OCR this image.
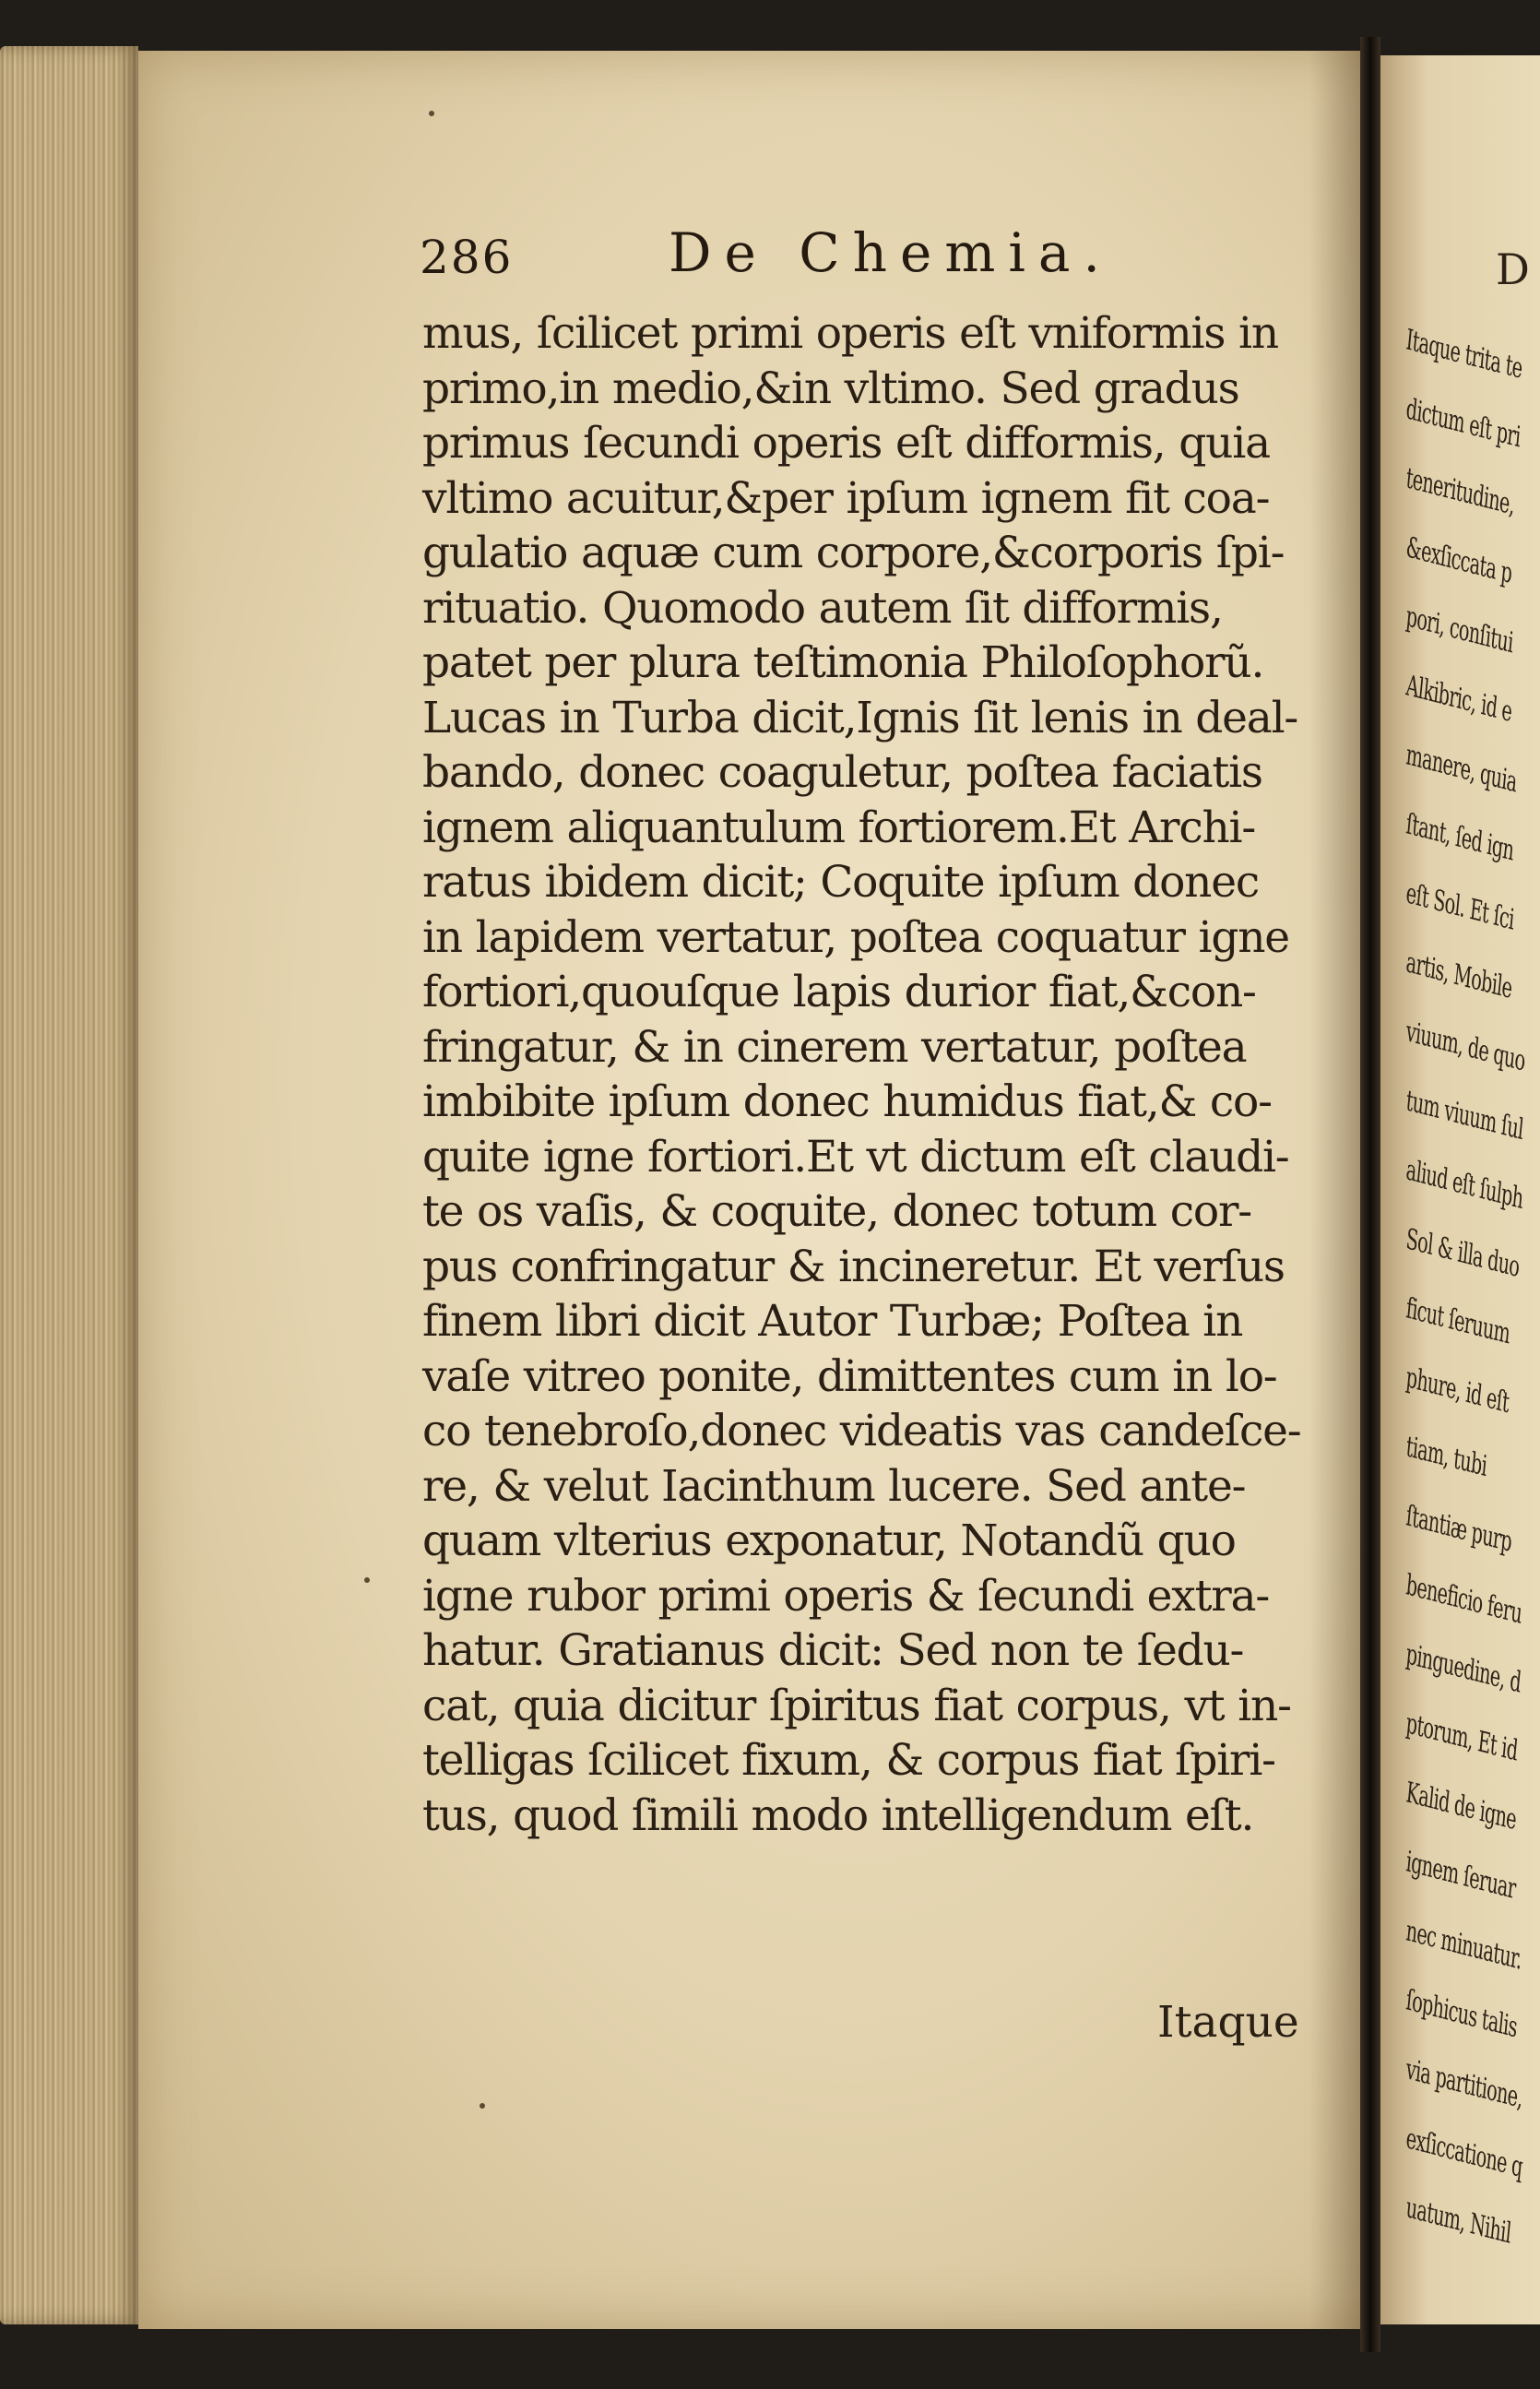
286	De Chemia.
mus, ſcilicet primi operis eſt vniformis in
primo,in medio,&in vltimo. Sed gradus
primus ſecundi operis eſt difformis, quia
vltimo acuitur,&per ipſum ignem fit coa-
gulatio aquæ cum corpore,&corporis ſpi-
rituatio. Quomodo autem ſit difformis,
patet per plura teſtimonia Philoſophorũ.
Lucas in Turba dicit,Ignis ſit lenis in deal-
bando, donec coaguletur, poſtea faciatis
ignem aliquantulum fortiorem.Et Archi-
ratus ibidem dicit; Coquite ipſum donec
in lapidem vertatur, poſtea coquatur igne
fortiori,quouſque lapis durior fiat,&con-
fringatur, & in cinerem vertatur, poſtea
imbibite ipſum donec humidus fiat,& co-
quite igne fortiori.Et vt dictum eſt claudi-
te os vaſis, & coquite, donec totum cor-
pus confringatur & incineretur. Et verſus
finem libri dicit Autor Turbæ; Poſtea in
vaſe vitreo ponite, dimittentes cum in lo-
co tenebroſo,donec videatis vas candeſce-
re, & velut Iacinthum lucere. Sed ante-
quam vlterius exponatur, Notandũ quo
igne rubor primi operis & ſecundi extra-
hatur. Gratianus dicit: Sed non te ſedu-
cat, quia dicitur ſpiritus fiat corpus, vt in-
telligas ſcilicet fixum, & corpus fiat ſpiri-
tus, quod ſimili modo intelligendum eſt.
Itaque
D
Itaque trita te
dictum eſt pri
teneritudine,
&exſiccata p
pori, conſitui
Alkibric, id e
manere, quia
ſtant, ſed ign
eſt Sol. Et ſci
artis, Mobile
viuum, de quo
tum viuum ſul
aliud eſt ſulph
Sol & illa duo
ficut ſeruum
phure, id eſt
tiam, tubi
ſtantiæ purp
beneficio feru
pinguedine, d
ptorum, Et id
Kalid de igne
ignem ſeruar
nec minuatur.
ſophicus talis
via partitione,
exſiccatione q
uatum, Nihil
